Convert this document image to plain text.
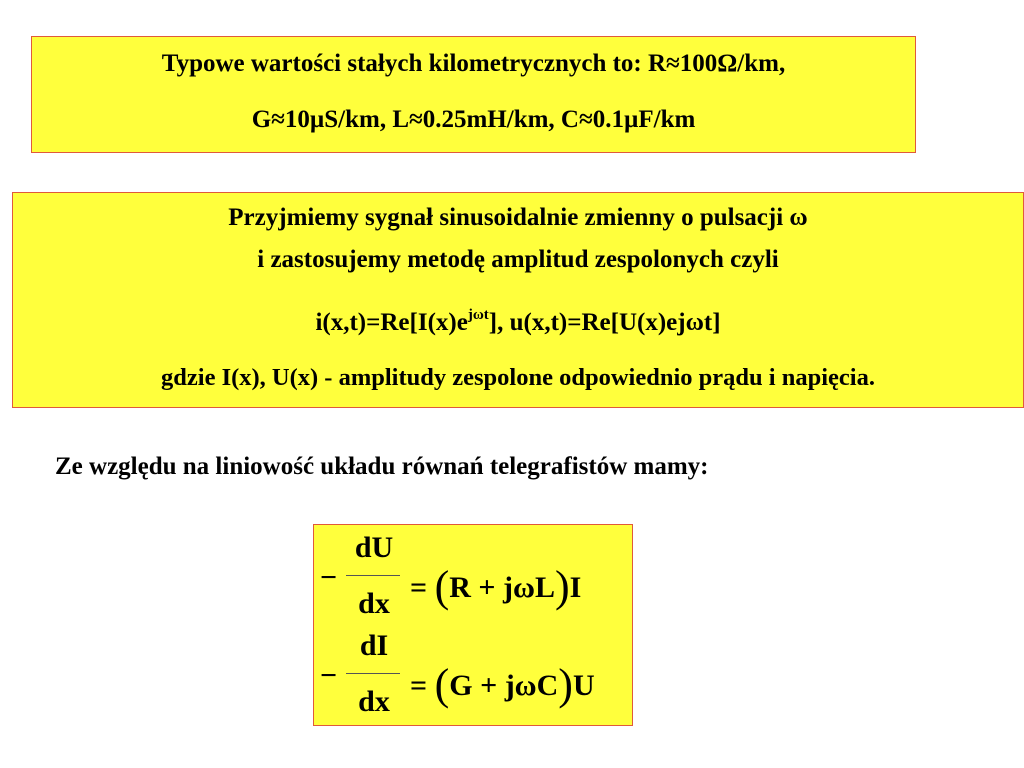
Typowe wartości stałych kilometrycznych to: R≈100Ω/km,
G≈10µS/km, L≈0.25mH/km, C≈0.1µF/km
Przyjmiemy sygnał sinusoidalnie zmienny o pulsacji ω
i zastosujemy metodę amplitud zespolonych czyli
$i(x,t)=Re[I(x)e^{j\omega t}]$, u(x,t)=Re[U(x)ejωt]
gdzie I(x), U(x) - amplitudy zespolone odpowiednio prądu i napięcia.
Ze względu na liniowość układu równań telegrafistów mamy:
−
dU
dx = (R + jωL)I
−
dI
dx = (G + jωC)U
